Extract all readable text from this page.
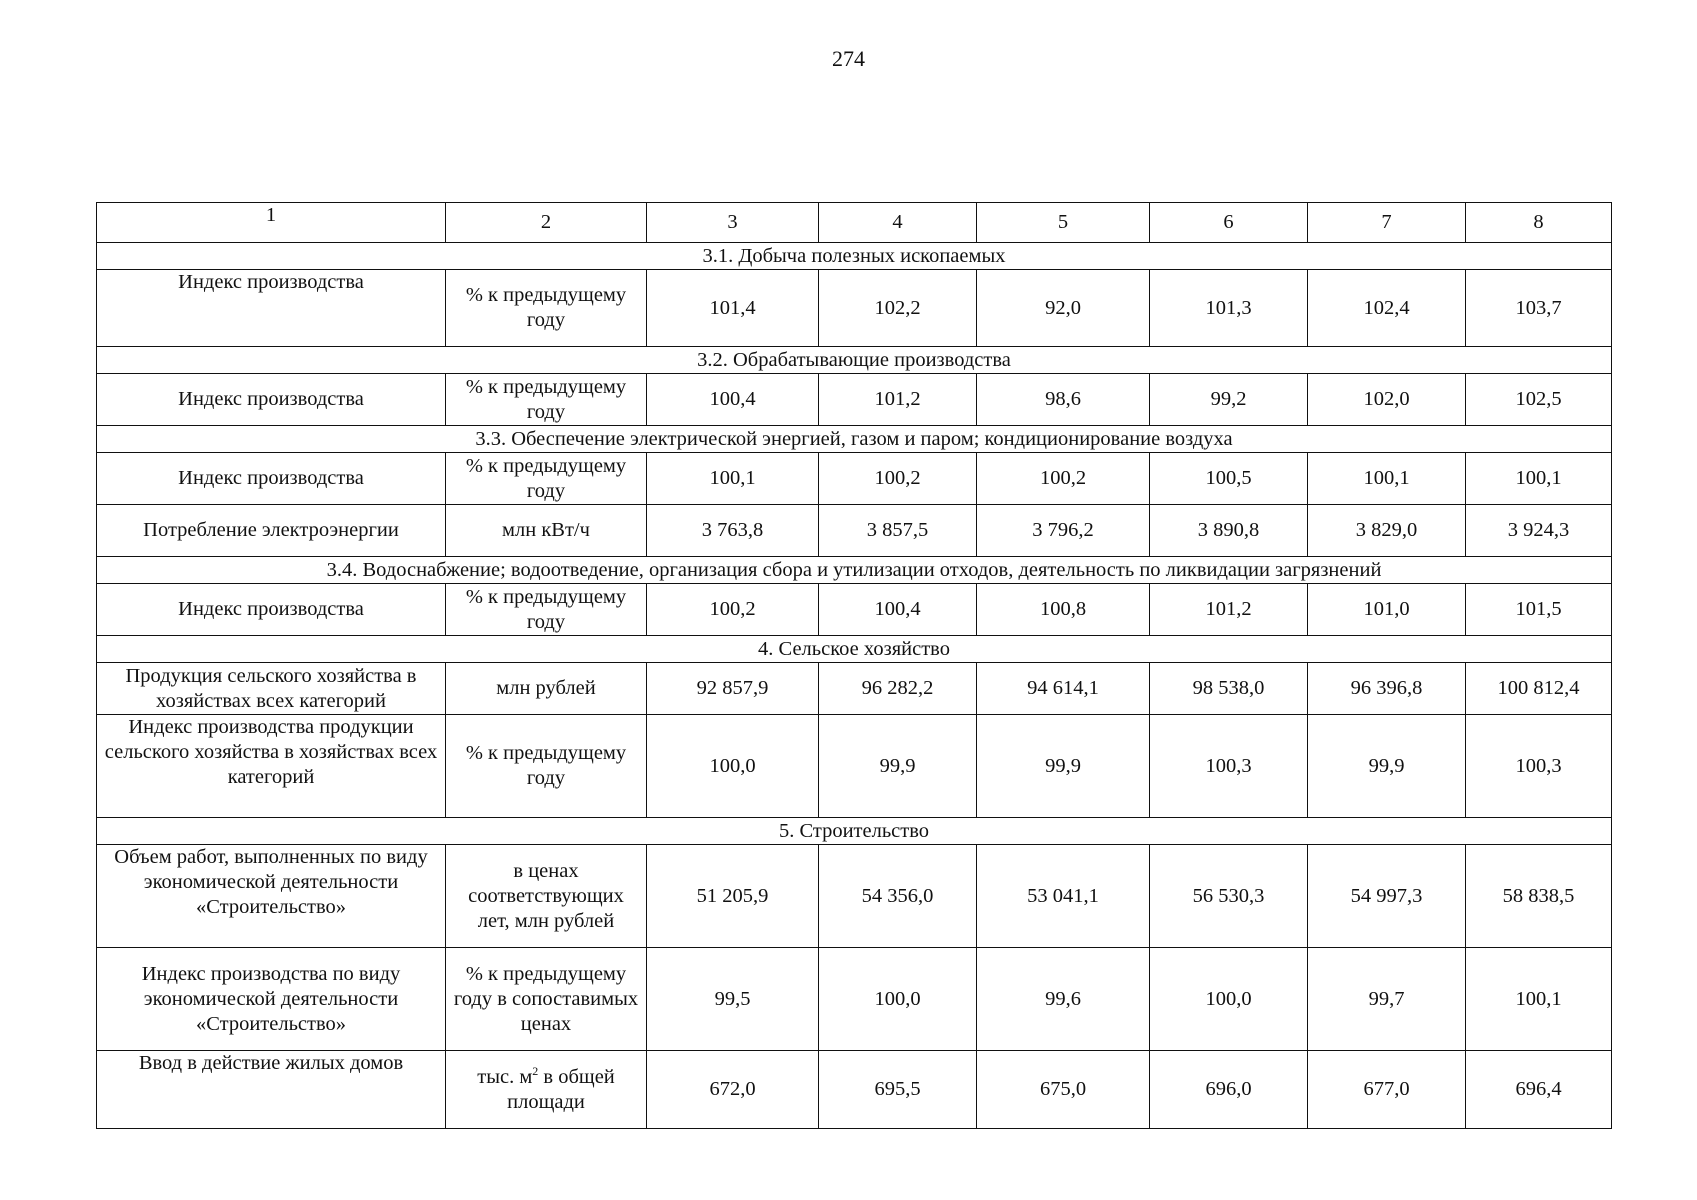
274
1	2	3	4	5	6	7	8
3.1. Добыча полезных ископаемых							
Индекс производства	% к предыдущему году	101,4	102,2	92,0	101,3	102,4	103,7
3.2. Обрабатывающие производства							
Индекс производства	% к предыдущему году	100,4	101,2	98,6	99,2	102,0	102,5
3.3. Обеспечение электрической энергией, газом и паром; кондиционирование воздуха							
Индекс производства	% к предыдущему году	100,1	100,2	100,2	100,5	100,1	100,1
Потребление электроэнергии	млн кВт/ч	3 763,8	3 857,5	3 796,2	3 890,8	3 829,0	3 924,3
3.4. Водоснабжение; водоотведение, организация сбора и утилизации отходов, деятельность по ликвидации загрязнений							
Индекс производства	% к предыдущему году	100,2	100,4	100,8	101,2	101,0	101,5
4. Сельское хозяйство							
Продукция сельского хозяйства в хозяйствах всех категорий	млн рублей	92 857,9	96 282,2	94 614,1	98 538,0	96 396,8	100 812,4
Индекс производства продукции сельского хозяйства в хозяйствах всех категорий	% к предыдущему году	100,0	99,9	99,9	100,3	99,9	100,3
5. Строительство							
Объем работ, выполненных по виду экономической деятельности «Строительство»	в ценах соответствующих лет, млн рублей	51 205,9	54 356,0	53 041,1	56 530,3	54 997,3	58 838,5
Индекс производства по виду экономической деятельности «Строительство»	% к предыдущему году в сопоставимых ценах	99,5	100,0	99,6	100,0	99,7	100,1
Ввод в действие жилых домов	тыс. $м^2$ в общей площади	672,0	695,5	675,0	696,0	677,0	696,4
